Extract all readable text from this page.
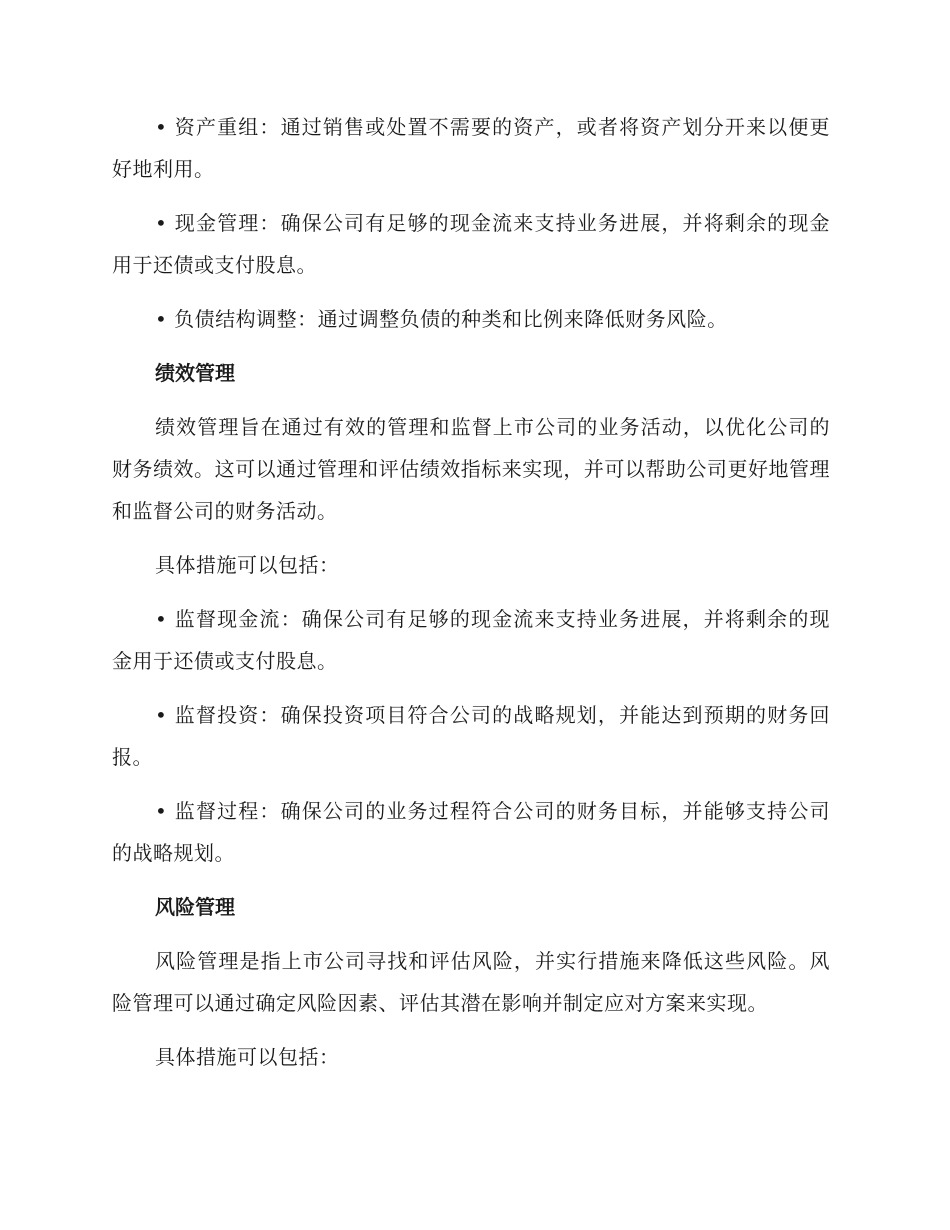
• 资产重组：通过销售或处置不需要的资产，或者将资产划分开来以便更好地利用。

• 现金管理：确保公司有足够的现金流来支持业务进展，并将剩余的现金用于还债或支付股息。

• 负债结构调整：通过调整负债的种类和比例来降低财务风险。

绩效管理

绩效管理旨在通过有效的管理和监督上市公司的业务活动，以优化公司的财务绩效。这可以通过管理和评估绩效指标来实现，并可以帮助公司更好地管理和监督公司的财务活动。

具体措施可以包括：

• 监督现金流：确保公司有足够的现金流来支持业务进展，并将剩余的现金用于还债或支付股息。

• 监督投资：确保投资项目符合公司的战略规划，并能达到预期的财务回报。

• 监督过程：确保公司的业务过程符合公司的财务目标，并能够支持公司的战略规划。

风险管理

风险管理是指上市公司寻找和评估风险，并实行措施来降低这些风险。风险管理可以通过确定风险因素、评估其潜在影响并制定应对方案来实现。

具体措施可以包括：
